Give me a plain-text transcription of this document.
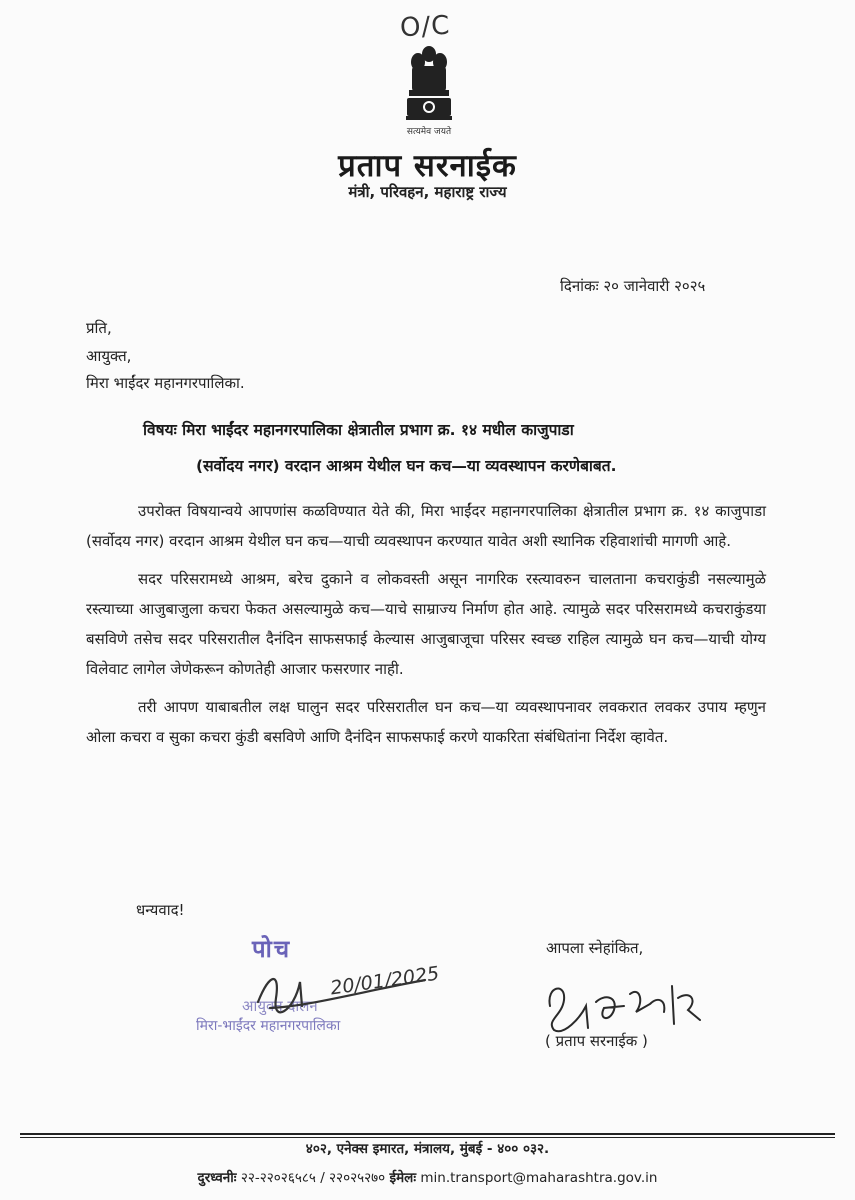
O/C
सत्यमेव जयते
प्रताप सरनाईक
मंत्री, परिवहन, महाराष्ट्र राज्य
दिनांकः २० जानेवारी २०२५
प्रति,
आयुक्त,
मिरा भाईंदर महानगरपालिका.
विषयः मिरा भाईंदर महानगरपालिका क्षेत्रातील प्रभाग क्र. १४ मधील काजुपाडा
(सर्वोदय नगर) वरदान आश्रम येथील घन कच—या व्यवस्थापन करणेबाबत.

उपरोक्त विषयान्वये आपणांस कळविण्यात येते की, मिरा भाईंदर महानगरपालिका क्षेत्रातील प्रभाग क्र. १४ काजुपाडा (सर्वोदय नगर) वरदान आश्रम येथील घन कच—याची व्यवस्थापन करण्यात यावेत अशी स्थानिक रहिवाशांची मागणी आहे.

सदर परिसरामध्ये आश्रम, बरेच दुकाने व लोकवस्ती असून नागरिक रस्त्यावरुन चालताना कचराकुंडी नसल्यामुळे रस्त्याच्या आजुबाजुला कचरा फेकत असल्यामुळे कच—याचे साम्राज्य निर्माण होत आहे. त्यामुळे सदर परिसरामध्ये कचराकुंडया बसविणे तसेच सदर परिसरातील दैनंदिन साफसफाई केल्यास आजुबाजूचा परिसर स्वच्छ राहिल त्यामुळे घन कच—याची योग्य विलेवाट लागेल जेणेकरून कोणतेही आजार फसरणार नाही.

तरी आपण याबाबतील लक्ष घालुन सदर परिसरातील घन कच—या व्यवस्थापनावर लवकरात लवकर उपाय म्हणुन ओला कचरा व सुका कचरा कुंडी बसविणे आणि दैनंदिन साफसफाई करणे याकरिता संबंधितांना निर्देश व्हावेत.

धन्यवाद!
पोच
आयुक्त दालन
मिरा-भाईंदर महानगरपालिका
20/01/2025
आपला स्नेहांकित,
( प्रताप सरनाईक )
४०२, एनेक्स इमारत, मंत्रालय, मुंबई - ४०० ०३२.
दुरध्वनीः २२-२२०२६५८५ / २२०२५२७० ईमेलः min.transport@maharashtra.gov.in
